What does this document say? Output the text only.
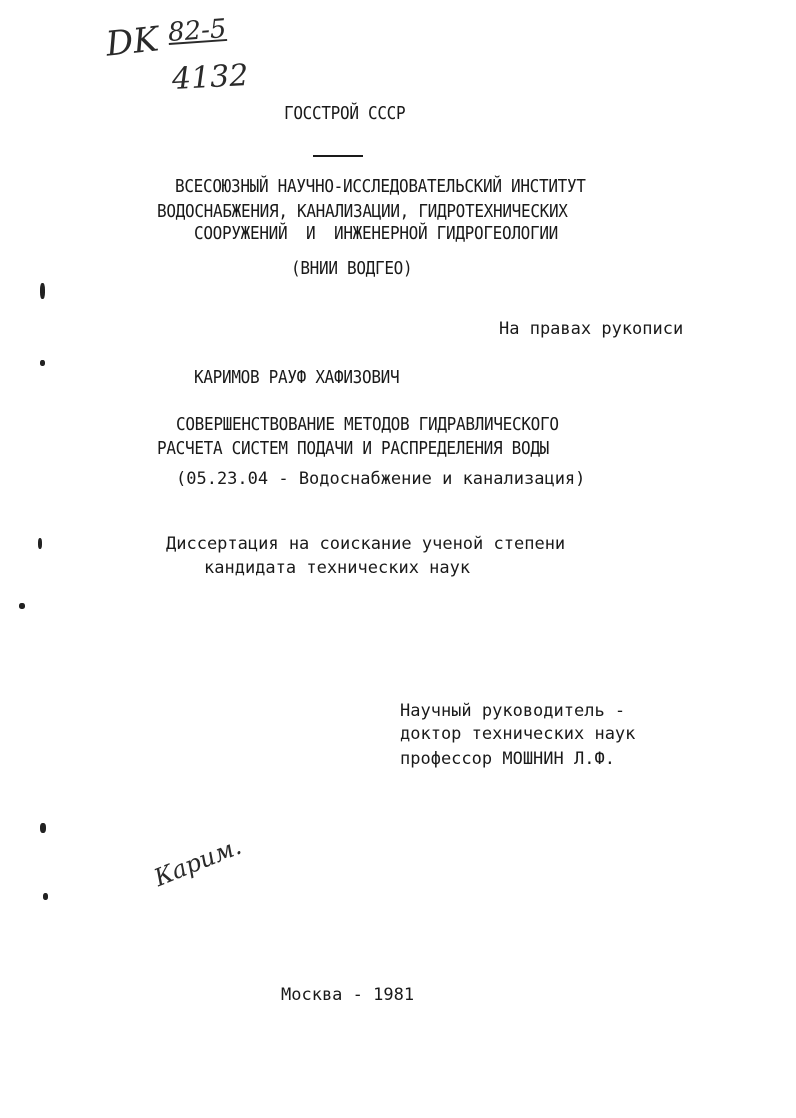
DK 82-5
4132
ГОССТРОЙ СССР
ВСЕСОЮЗНЫЙ НАУЧНО-ИССЛЕДОВАТЕЛЬСКИЙ ИНСТИТУТ
ВОДОСНАБЖЕНИЯ, КАНАЛИЗАЦИИ, ГИДРОТЕХНИЧЕСКИХ
СООРУЖЕНИЙ  И  ИНЖЕНЕРНОЙ ГИДРОГЕОЛОГИИ
(ВНИИ ВОДГЕО)
На правах рукописи
КАРИМОВ РАУФ ХАФИЗОВИЧ
СОВЕРШЕНСТВОВАНИЕ МЕТОДОВ ГИДРАВЛИЧЕСКОГО
РАСЧЕТА СИСТЕМ ПОДАЧИ И РАСПРЕДЕЛЕНИЯ ВОДЫ
(05.23.04 - Водоснабжение и канализация)
Диссертация на соискание ученой степени
кандидата технических наук
Научный руководитель -
доктор технических наук
профессор МОШНИН Л.Ф.
Карим.
Москва - 1981
